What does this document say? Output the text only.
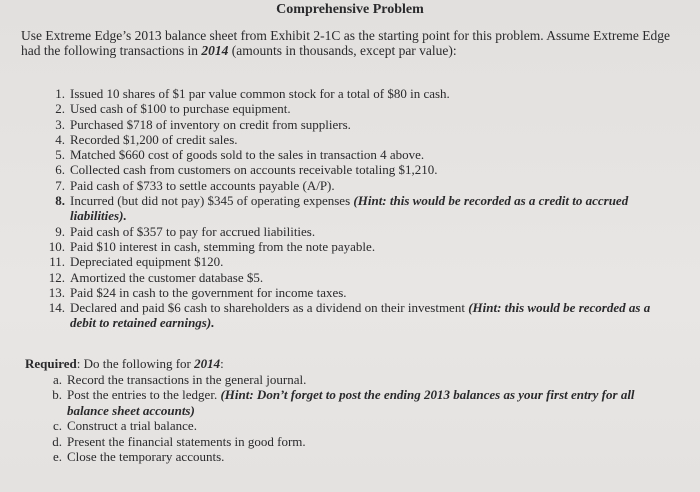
Comprehensive Problem
Use Extreme Edge’s 2013 balance sheet from Exhibit 2-1C as the starting point for this problem. Assume Extreme Edge had the following transactions in 2014 (amounts in thousands, except par value):
1. Issued 10 shares of $1 par value common stock for a total of $80 in cash.
2. Used cash of $100 to purchase equipment.
3. Purchased $718 of inventory on credit from suppliers.
4. Recorded $1,200 of credit sales.
5. Matched $660 cost of goods sold to the sales in transaction 4 above.
6. Collected cash from customers on accounts receivable totaling $1,210.
7. Paid cash of $733 to settle accounts payable (A/P).
8. Incurred (but did not pay) $345 of operating expenses (Hint: this would be recorded as a credit to accrued liabilities).
9. Paid cash of $357 to pay for accrued liabilities.
10. Paid $10 interest in cash, stemming from the note payable.
11. Depreciated equipment $120.
12. Amortized the customer database $5.
13. Paid $24 in cash to the government for income taxes.
14. Declared and paid $6 cash to shareholders as a dividend on their investment (Hint: this would be recorded as a debit to retained earnings).
Required: Do the following for 2014:
a. Record the transactions in the general journal.
b. Post the entries to the ledger. (Hint: Don’t forget to post the ending 2013 balances as your first entry for all balance sheet accounts)
c. Construct a trial balance.
d. Present the financial statements in good form.
e. Close the temporary accounts.
